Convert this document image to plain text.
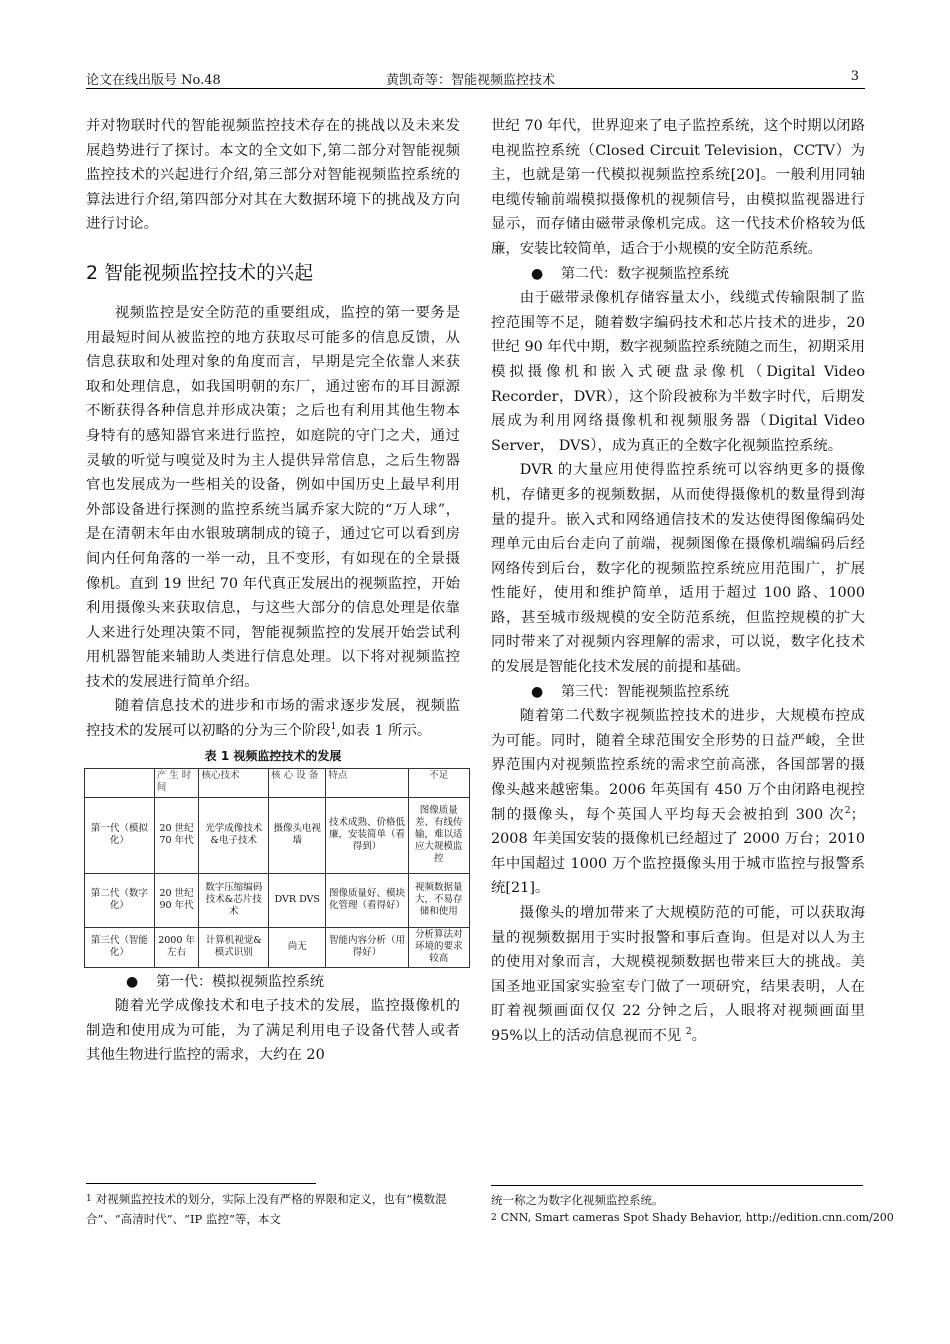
论文在线出版号 No.48	黄凯奇等：智能视频监控技术	3

并对物联时代的智能视频监控技术存在的挑战以及未来发展趋势进行了探讨。本文的全文如下,第二部分对智能视频监控技术的兴起进行介绍,第三部分对智能视频监控系统的算法进行介绍,第四部分对其在大数据环境下的挑战及方向进行讨论。

2 智能视频监控技术的兴起

视频监控是安全防范的重要组成，监控的第一要务是用最短时间从被监控的地方获取尽可能多的信息反馈，从信息获取和处理对象的角度而言，早期是完全依靠人来获取和处理信息，如我国明朝的东厂，通过密布的耳目源源不断获得各种信息并形成决策；之后也有利用其他生物本身特有的感知器官来进行监控，如庭院的守门之犬，通过灵敏的听觉与嗅觉及时为主人提供异常信息，之后生物器官也发展成为一些相关的设备，例如中国历史上最早利用外部设备进行探测的监控系统当属乔家大院的“万人球”，是在清朝末年由水银玻璃制成的镜子，通过它可以看到房间内任何角落的一举一动，且不变形，有如现在的全景摄像机。直到 19 世纪 70 年代真正发展出的视频监控，开始利用摄像头来获取信息，与这些大部分的信息处理是依靠人来进行处理决策不同，智能视频监控的发展开始尝试利用机器智能来辅助人类进行信息处理。以下将对视频监控技术的发展进行简单介绍。

随着信息技术的进步和市场的需求逐步发展，视频监控技术的发展可以初略的分为三个阶段$^1$,如表 1 所示。

表 1 视频监控技术的发展
	产 生 时间	核心技术	核 心 设 备	特点	不足
第一代（模拟化）	20 世纪 70 年代	光学成像技术&电子技术	摄像头电视墙	技术成熟、价格低廉，安装简单（看得到）	图像质量差、有线传输，难以适应大规模监控
第二代（数字化）	20 世纪 90 年代	数字压缩编码技术&芯片技术	DVR DVS	图像质量好、模块化管理（看得好）	视频数据量大，不易存储和使用
第三代（智能化）	2000 年左右	计算机视觉&模式识别	尚无	智能内容分析（用得好）	分析算法对环境的要求较高

● 第一代：模拟视频监控系统

随着光学成像技术和电子技术的发展，监控摄像机的制造和使用成为可能，为了满足利用电子设备代替人或者其他生物进行监控的需求，大约在 20

$^1$ 对视频监控技术的划分，实际上没有严格的界限和定义，也有“模数混合”、“高清时代”、“IP 监控”等，本文

世纪 70 年代，世界迎来了电子监控系统，这个时期以闭路电视监控系统（Closed Circuit Television，CCTV）为主，也就是第一代模拟视频监控系统[20]。一般利用同轴电缆传输前端模拟摄像机的视频信号，由模拟监视器进行显示，而存储由磁带录像机完成。这一代技术价格较为低廉，安装比较简单，适合于小规模的安全防范系统。

● 第二代：数字视频监控系统

由于磁带录像机存储容量太小，线缆式传输限制了监控范围等不足，随着数字编码技术和芯片技术的进步，20 世纪 90 年代中期，数字视频监控系统随之而生，初期采用模拟摄像机和嵌入式硬盘录像机（Digital Video Recorder，DVR），这个阶段被称为半数字时代，后期发展成为利用网络摄像机和视频服务器（Digital Video Server， DVS），成为真正的全数字化视频监控系统。

DVR 的大量应用使得监控系统可以容纳更多的摄像机，存储更多的视频数据，从而使得摄像机的数量得到海量的提升。嵌入式和网络通信技术的发达使得图像编码处理单元由后台走向了前端，视频图像在摄像机端编码后经网络传到后台，数字化的视频监控系统应用范围广，扩展性能好，使用和维护简单，适用于超过 100 路、1000 路，甚至城市级规模的安全防范系统，但监控规模的扩大同时带来了对视频内容理解的需求，可以说，数字化技术的发展是智能化技术发展的前提和基础。

● 第三代：智能视频监控系统

随着第二代数字视频监控技术的进步，大规模布控成为可能。同时，随着全球范围安全形势的日益严峻，全世界范围内对视频监控系统的需求空前高涨，各国部署的摄像头越来越密集。2006 年英国有 450 万个由闭路电视控制的摄像头，每个英国人平均每天会被拍到 300 次$^2$；2008 年美国安装的摄像机已经超过了 2000 万台；2010 年中国超过 1000 万个监控摄像头用于城市监控与报警系统[21]。

摄像头的增加带来了大规模防范的可能，可以获取海量的视频数据用于实时报警和事后查询。但是对以人为主的使用对象而言，大规模视频数据也带来巨大的挑战。美国圣地亚国家实验室专门做了一项研究，结果表明，人在盯着视频画面仅仅 22 分钟之后，人眼将对视频画面里 95%以上的活动信息视而不见 $^2$。

统一称之为数字化视频监控系统。
$^2$ CNN, Smart cameras Spot Shady Behavior, http://edition.cnn.com/200
